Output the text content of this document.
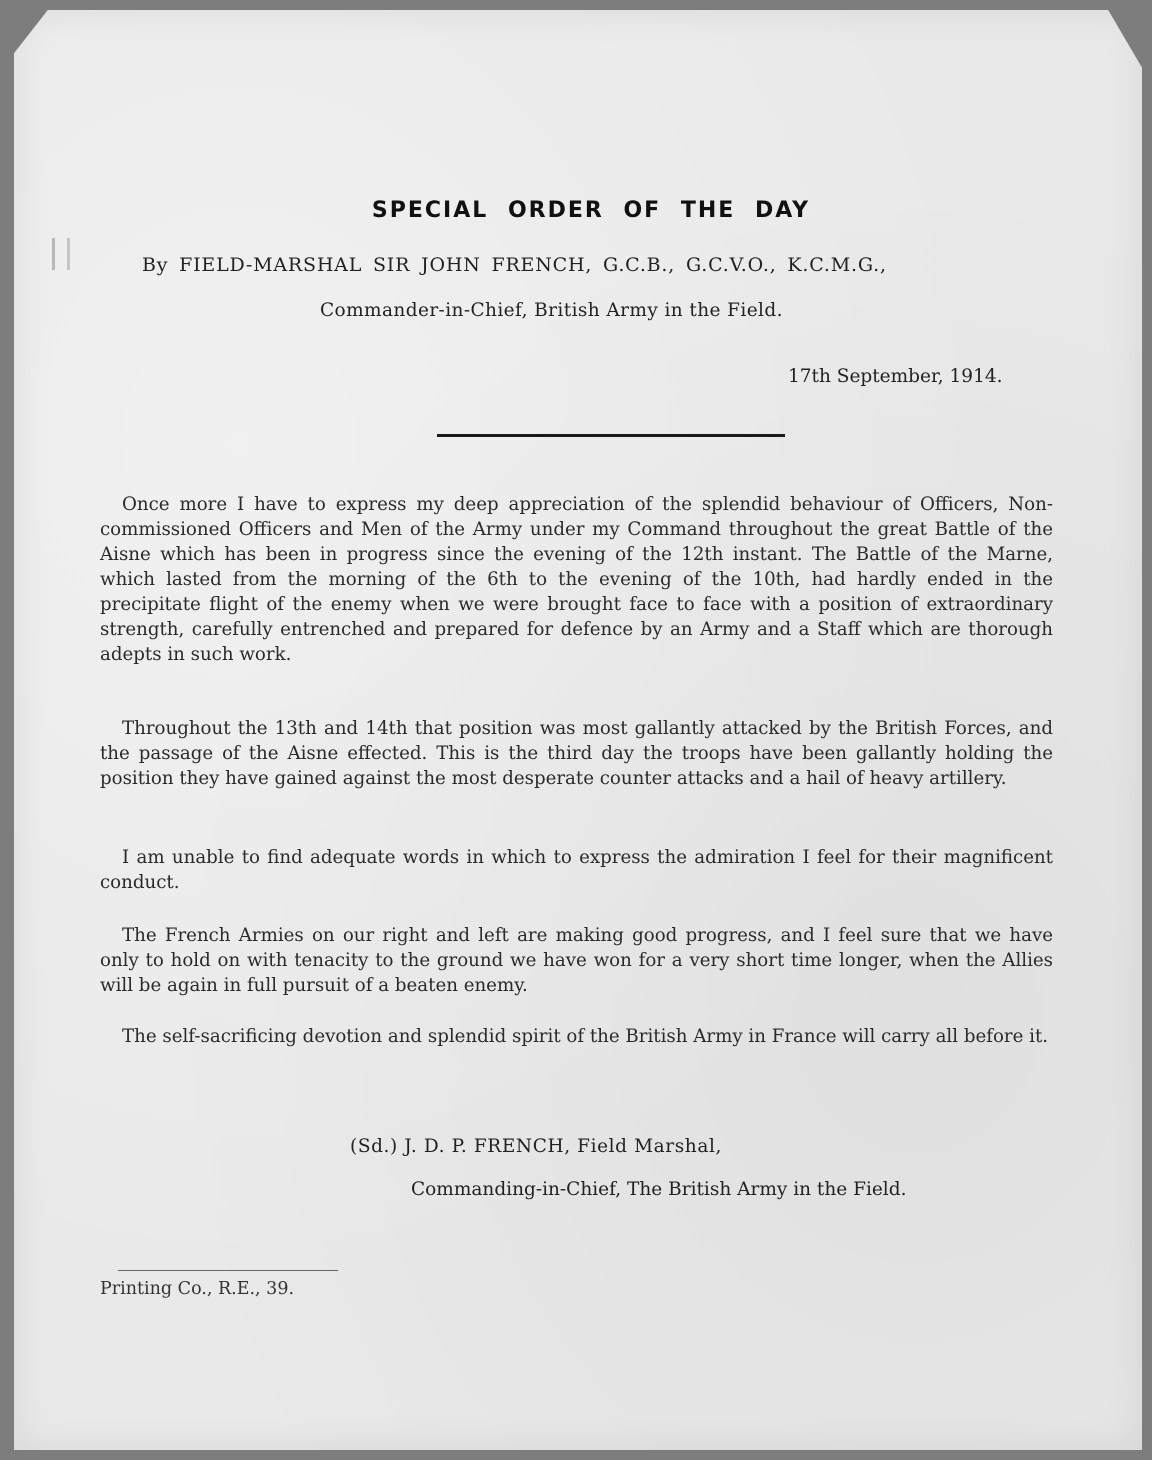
SPECIAL ORDER OF THE DAY
By FIELD-MARSHAL SIR JOHN FRENCH, G.C.B., G.C.V.O., K.C.M.G.,
Commander-in-Chief, British Army in the Field.
17th September, 1914.

Once more I have to express my deep appreciation of the splendid behaviour of Officers, Non-commissioned Officers and Men of the Army under my Command throughout the great Battle of the Aisne which has been in progress since the evening of the 12th instant. The Battle of the Marne, which lasted from the morning of the 6th to the evening of the 10th, had hardly ended in the precipitate flight of the enemy when we were brought face to face with a position of extraordinary strength, carefully entrenched and prepared for defence by an Army and a Staff which are thorough adepts in such work.

Throughout the 13th and 14th that position was most gallantly attacked by the British Forces, and the passage of the Aisne effected. This is the third day the troops have been gallantly holding the position they have gained against the most desperate counter attacks and a hail of heavy artillery.

I am unable to find adequate words in which to express the admiration I feel for their magnificent conduct.

The French Armies on our right and left are making good progress, and I feel sure that we have only to hold on with tenacity to the ground we have won for a very short time longer, when the Allies will be again in full pursuit of a beaten enemy.

The self-sacrificing devotion and splendid spirit of the British Army in France will carry all before it.

(Sd.) J. D. P. FRENCH, Field Marshal,
Commanding-in-Chief, The British Army in the Field.
Printing Co., R.E., 39.
